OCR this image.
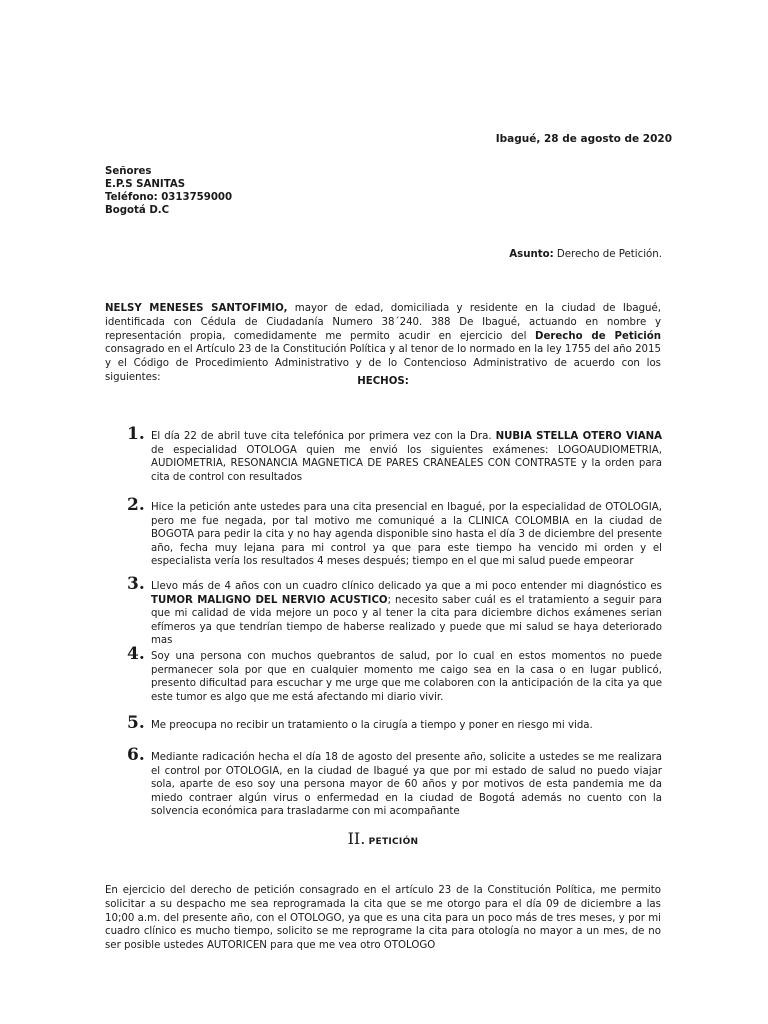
Ibagué, 28 de agosto de 2020
Señores
E.P.S SANITAS
Teléfono: 0313759000
Bogotá D.C
Asunto: Derecho de Petición.
NELSY MENESES SANTOFIMIO, mayor de edad, domiciliada y residente en la ciudad de Ibagué, identificada con Cédula de Ciudadanía Numero 38´240. 388 De Ibagué, actuando en nombre y representación propia, comedidamente me permito acudir en ejercicio del Derecho de Petición consagrado en el Artículo 23 de la Constitución Política y al tenor de lo normado en la ley 1755 del año 2015 y el Código de Procedimiento Administrativo y de lo Contencioso Administrativo de acuerdo con los siguientes:	HECHOS:
1. El día 22 de abril tuve cita telefónica por primera vez con la Dra. NUBIA STELLA OTERO VIANA de especialidad OTOLOGA quien me envió los siguientes exámenes: LOGOAUDIOMETRIA, AUDIOMETRIA, RESONANCIA MAGNETICA DE PARES CRANEALES CON CONTRASTE y la orden para cita de control con resultados
2. Hice la petición ante ustedes para una cita presencial en Ibagué, por la especialidad de OTOLOGIA, pero me fue negada, por tal motivo me comuniqué a la CLINICA COLOMBIA en la ciudad de BOGOTA para pedir la cita y no hay agenda disponible sino hasta el día 3 de diciembre del presente año, fecha muy lejana para mi control ya que para este tiempo ha vencido mi orden y el especialista vería los resultados 4 meses después; tiempo en el que mi salud puede empeorar
3. Llevo más de 4 años con un cuadro clínico delicado ya que a mi poco entender mi diagnóstico es TUMOR MALIGNO DEL NERVIO ACUSTICO; necesito saber cuál es el tratamiento a seguir para que mi calidad de vida mejore un poco y al tener la cita para diciembre dichos exámenes serian efímeros ya que tendrían tiempo de haberse realizado y puede que mi salud se haya deteriorado mas
4. Soy una persona con muchos quebrantos de salud, por lo cual en estos momentos no puede permanecer sola por que en cualquier momento me caigo sea en la casa o en lugar publicó, presento dificultad para escuchar y me urge que me colaboren con la anticipación de la cita ya que este tumor es algo que me está afectando mi diario vivir.
5. Me preocupa no recibir un tratamiento o la cirugía a tiempo y poner en riesgo mi vida.
6. Mediante radicación hecha el día 18 de agosto del presente año, solicite a ustedes se me realizara el control por OTOLOGIA, en la ciudad de Ibagué ya que por mi estado de salud no puedo viajar sola, aparte de eso soy una persona mayor de 60 años y por motivos de esta pandemia me da miedo contraer algún virus o enfermedad en la ciudad de Bogotá además no cuento con la solvencia económica para trasladarme con mi acompañante
II. PETICIÓN
En ejercicio del derecho de petición consagrado en el artículo 23 de la Constitución Política, me permito solicitar a su despacho me sea reprogramada la cita que se me otorgo para el día 09 de diciembre a las 10;00 a.m. del presente año, con el OTOLOGO, ya que es una cita para un poco más de tres meses, y por mi cuadro clínico es mucho tiempo, solicito se me reprograme la cita para otología no mayor a un mes, de no ser posible ustedes AUTORICEN para que me vea otro OTOLOGO
